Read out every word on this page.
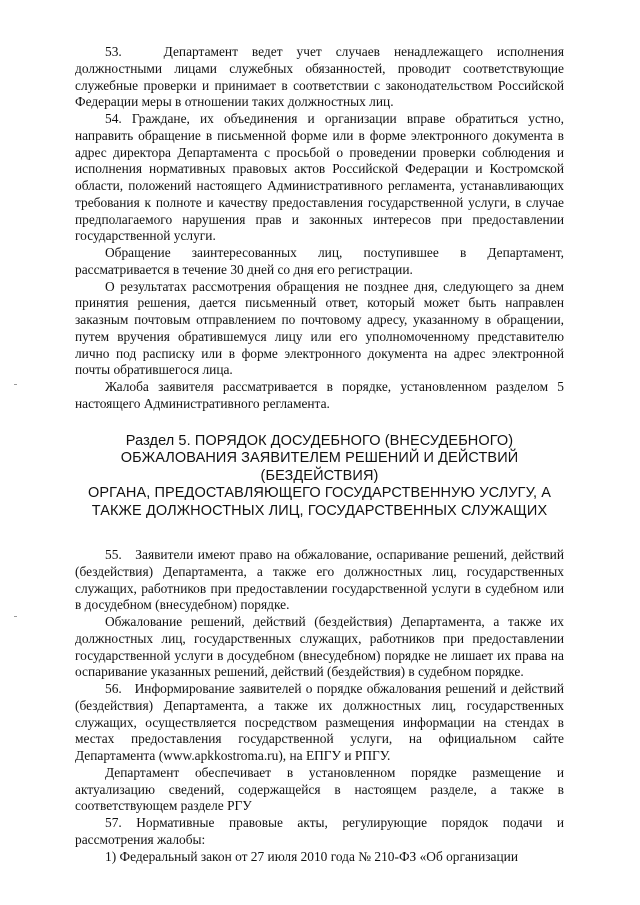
53.   Департамент ведет учет случаев ненадлежащего исполнения должностными лицами служебных обязанностей, проводит соответствующие служебные проверки и принимает в соответствии с законодательством Российской Федерации меры в отношении таких должностных лиц.

54. Граждане, их объединения и организации вправе обратиться устно, направить обращение в письменной форме или в форме электронного документа в адрес директора Департамента с просьбой о проведении проверки соблюдения и исполнения нормативных правовых актов Российской Федерации и Костромской области, положений настоящего Административного регламента, устанавливающих требования к полноте и качеству предоставления государственной услуги, в случае предполагаемого нарушения прав и законных интересов при предоставлении государственной услуги.

Обращение заинтересованных лиц, поступившее в Департамент, рассматривается в течение 30 дней со дня его регистрации.

О результатах рассмотрения обращения не позднее дня, следующего за днем принятия решения, дается письменный ответ, который может быть направлен заказным почтовым отправлением по почтовому адресу, указанному в обращении, путем вручения обратившемуся лицу или его уполномоченному представителю лично под расписку или в форме электронного документа на адрес электронной почты обратившегося лица.

Жалоба заявителя рассматривается в порядке, установленном разделом 5 настоящего Административного регламента.

Раздел 5. ПОРЯДОК ДОСУДЕБНОГО (ВНЕСУДЕБНОГО)
ОБЖАЛОВАНИЯ ЗАЯВИТЕЛЕМ РЕШЕНИЙ И ДЕЙСТВИЙ (БЕЗДЕЙСТВИЯ)
ОРГАНА, ПРЕДОСТАВЛЯЮЩЕГО ГОСУДАРСТВЕННУЮ УСЛУГУ, А
ТАКЖЕ ДОЛЖНОСТНЫХ ЛИЦ, ГОСУДАРСТВЕННЫХ СЛУЖАЩИХ

55.   Заявители имеют право на обжалование, оспаривание решений, действий (бездействия) Департамента, а также его должностных лиц, государственных служащих, работников при предоставлении государственной услуги в судебном или в досудебном (внесудебном) порядке.

Обжалование решений, действий (бездействия) Департамента, а также их должностных лиц, государственных служащих, работников при предоставлении государственной услуги в досудебном (внесудебном) порядке не лишает их права на оспаривание указанных решений, действий (бездействия) в судебном порядке.

56.   Информирование заявителей о порядке обжалования решений и действий (бездействия) Департамента, а также их должностных лиц, государственных служащих, осуществляется посредством размещения информации на стендах в местах предоставления государственной услуги, на официальном сайте Департамента (www.apkkostroma.ru), на ЕПГУ и РПГУ.

Департамент обеспечивает в установленном порядке размещение и актуализацию сведений, содержащейся в настоящем разделе, а также в соответствующем разделе РГУ

57. Нормативные правовые акты, регулирующие порядок подачи и рассмотрения жалобы:

1) Федеральный закон от 27 июля 2010 года № 210-ФЗ «Об организации
